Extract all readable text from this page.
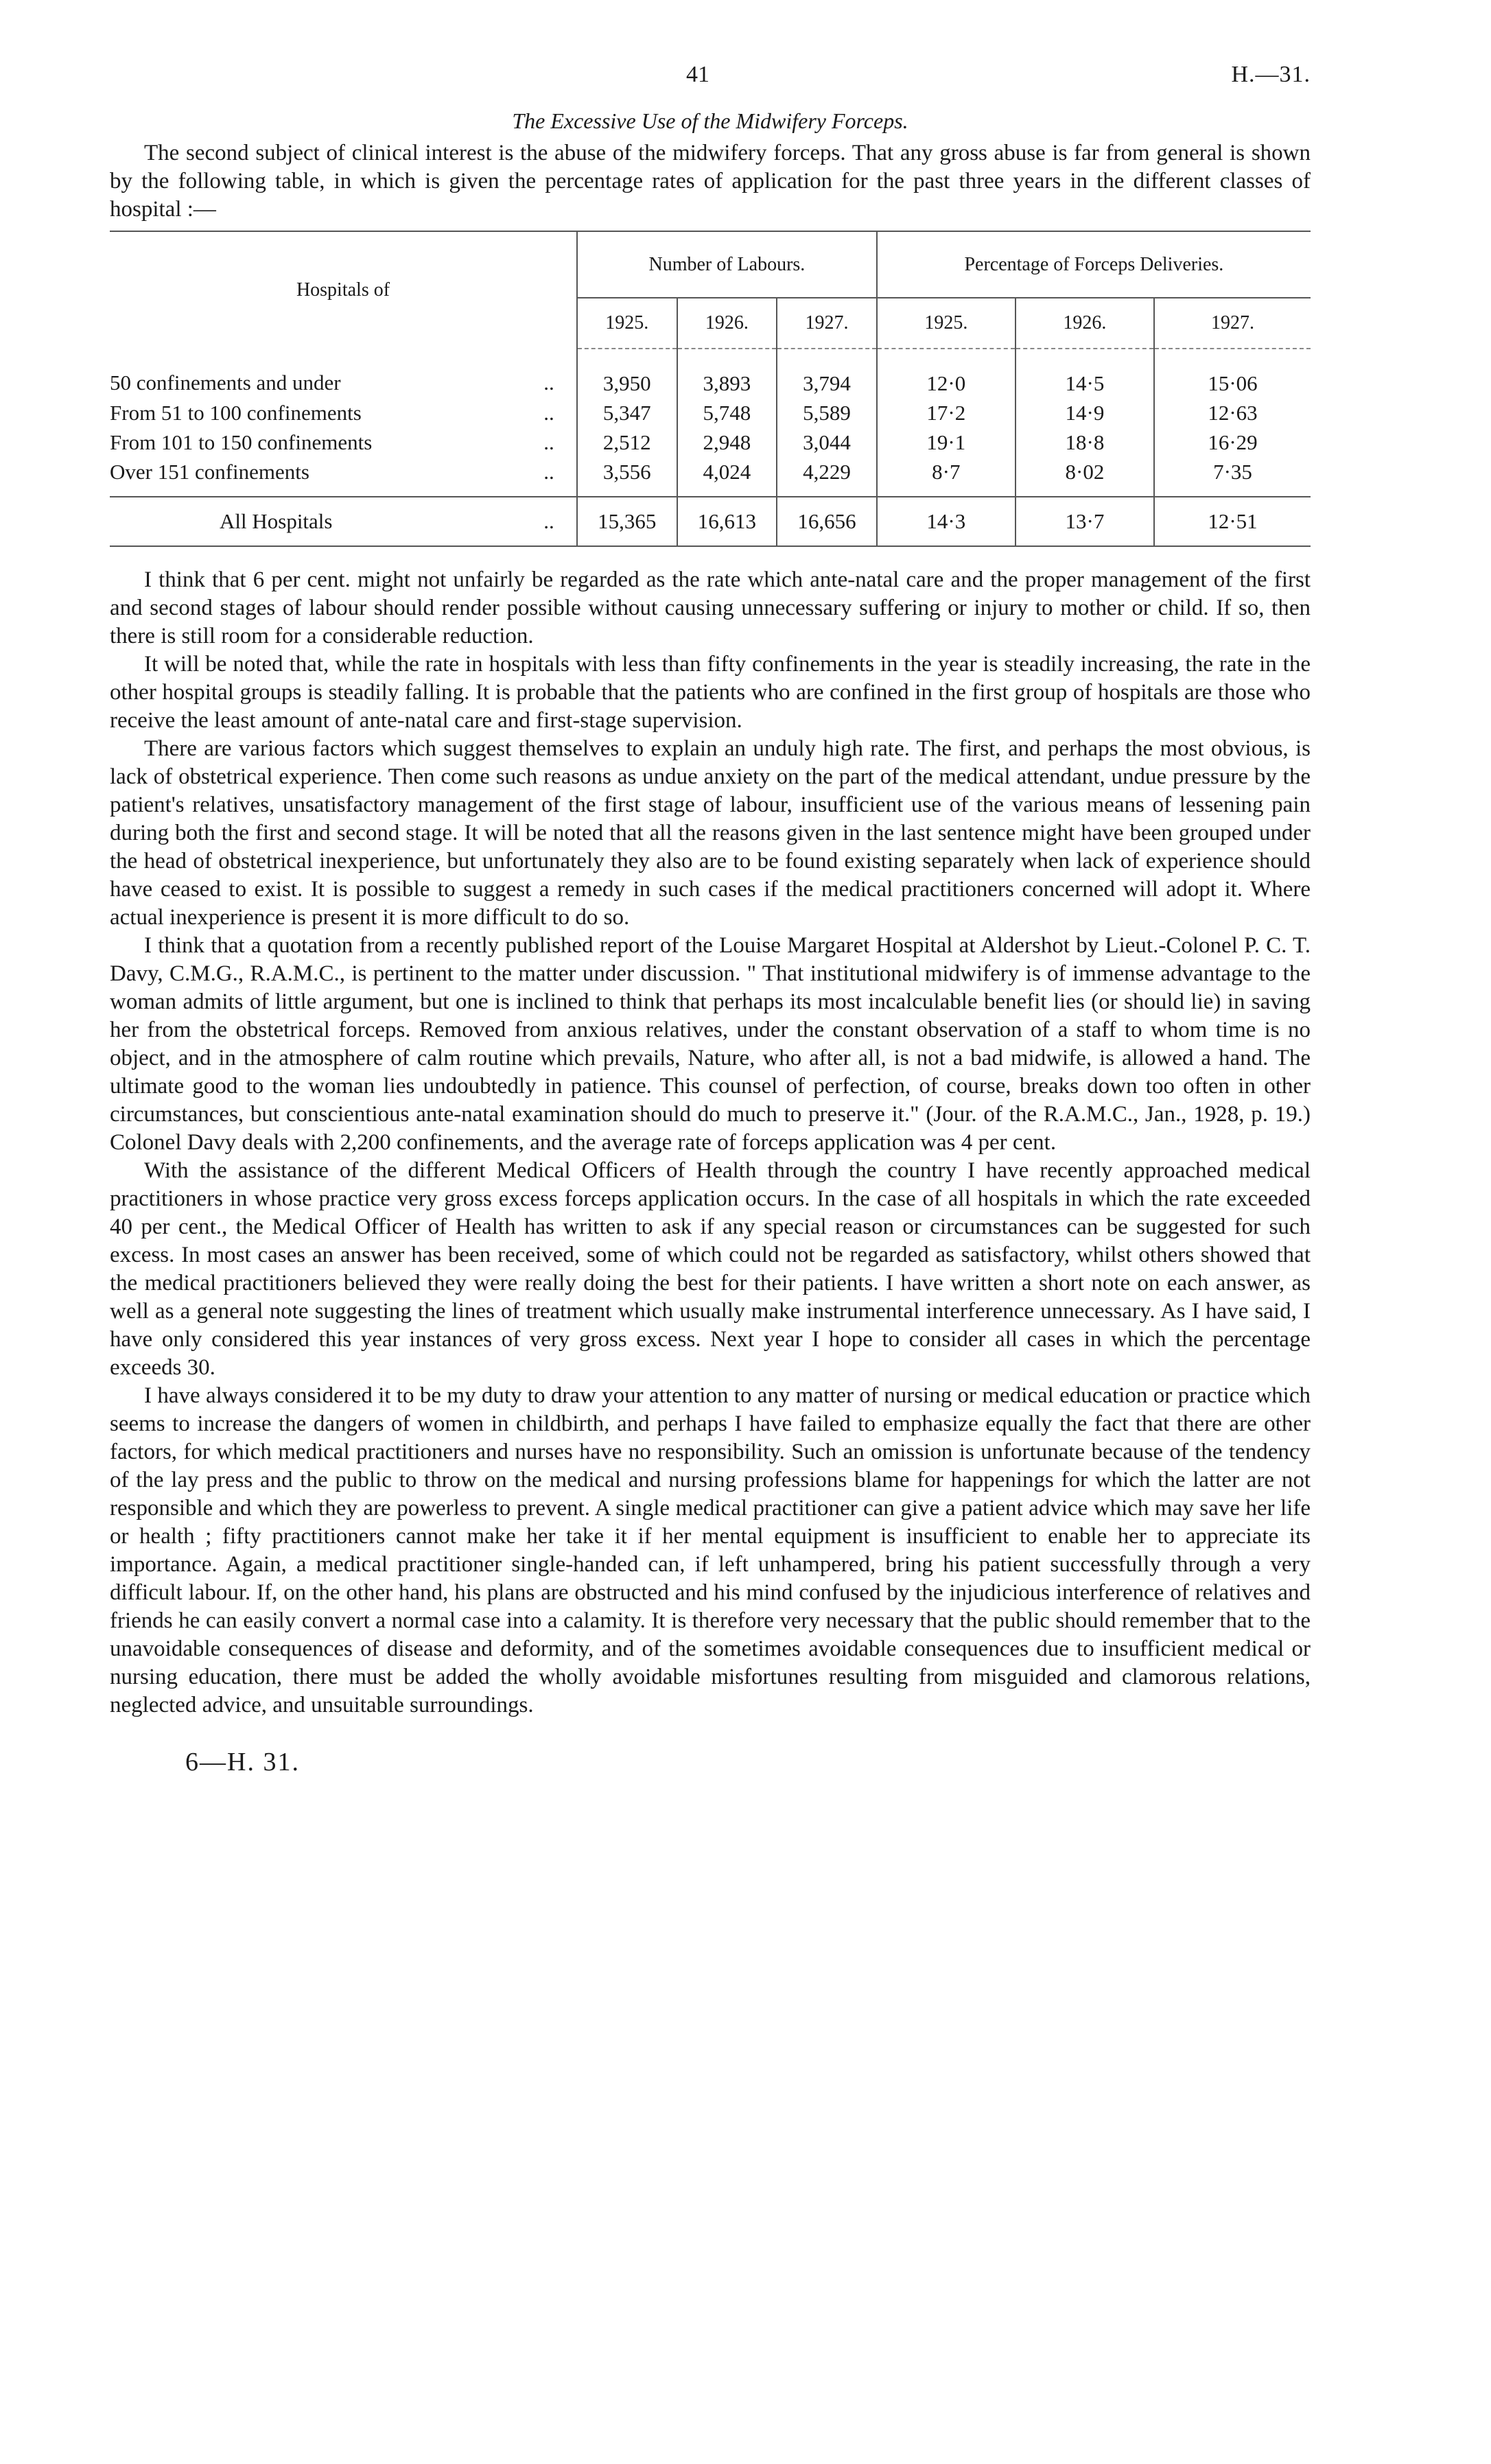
41	H.—31.
The Excessive Use of the Midwifery Forceps.

The second subject of clinical interest is the abuse of the midwifery forceps. That any gross abuse is far from general is shown by the following table, in which is given the percentage rates of application for the past three years in the different classes of hospital :—

Hospitals of	Number of Labours.			Percentage of Forceps Deliveries.		
	1925.	1926.	1927.	1925.	1926.	1927.
50 confinements and under ..	3,950	3,893	3,794	12·0	14·5	15·06
From 51 to 100 confinements ..	5,347	5,748	5,589	17·2	14·9	12·63
From 101 to 150 confinements ..	2,512	2,948	3,044	19·1	18·8	16·29
Over 151 confinements ..	3,556	4,024	4,229	8·7	8·02	7·35
All Hospitals ..	15,365	16,613	16,656	14·3	13·7	12·51

I think that 6 per cent. might not unfairly be regarded as the rate which ante-natal care and the proper management of the first and second stages of labour should render possible without causing unnecessary suffering or injury to mother or child. If so, then there is still room for a considerable reduction.

It will be noted that, while the rate in hospitals with less than fifty confinements in the year is steadily increasing, the rate in the other hospital groups is steadily falling. It is probable that the patients who are confined in the first group of hospitals are those who receive the least amount of ante-natal care and first-stage supervision.

There are various factors which suggest themselves to explain an unduly high rate. The first, and perhaps the most obvious, is lack of obstetrical experience. Then come such reasons as undue anxiety on the part of the medical attendant, undue pressure by the patient's relatives, unsatisfactory management of the first stage of labour, insufficient use of the various means of lessening pain during both the first and second stage. It will be noted that all the reasons given in the last sentence might have been grouped under the head of obstetrical inexperience, but unfortunately they also are to be found existing separately when lack of experience should have ceased to exist. It is possible to suggest a remedy in such cases if the medical practitioners concerned will adopt it. Where actual inexperience is present it is more difficult to do so.

I think that a quotation from a recently published report of the Louise Margaret Hospital at Aldershot by Lieut.-Colonel P. C. T. Davy, C.M.G., R.A.M.C., is pertinent to the matter under discussion. " That institutional midwifery is of immense advantage to the woman admits of little argument, but one is inclined to think that perhaps its most incalculable benefit lies (or should lie) in saving her from the obstetrical forceps. Removed from anxious relatives, under the constant observation of a staff to whom time is no object, and in the atmosphere of calm routine which prevails, Nature, who after all, is not a bad midwife, is allowed a hand. The ultimate good to the woman lies undoubtedly in patience. This counsel of perfection, of course, breaks down too often in other circumstances, but conscientious ante-natal examination should do much to preserve it." (Jour. of the R.A.M.C., Jan., 1928, p. 19.) Colonel Davy deals with 2,200 confinements, and the average rate of forceps application was 4 per cent.

With the assistance of the different Medical Officers of Health through the country I have recently approached medical practitioners in whose practice very gross excess forceps application occurs. In the case of all hospitals in which the rate exceeded 40 per cent., the Medical Officer of Health has written to ask if any special reason or circumstances can be suggested for such excess. In most cases an answer has been received, some of which could not be regarded as satisfactory, whilst others showed that the medical practitioners believed they were really doing the best for their patients. I have written a short note on each answer, as well as a general note suggesting the lines of treatment which usually make instrumental interference unnecessary. As I have said, I have only considered this year instances of very gross excess. Next year I hope to consider all cases in which the percentage exceeds 30.

I have always considered it to be my duty to draw your attention to any matter of nursing or medical education or practice which seems to increase the dangers of women in childbirth, and perhaps I have failed to emphasize equally the fact that there are other factors, for which medical practitioners and nurses have no responsibility. Such an omission is unfortunate because of the tendency of the lay press and the public to throw on the medical and nursing professions blame for happenings for which the latter are not responsible and which they are powerless to prevent. A single medical practitioner can give a patient advice which may save her life or health ; fifty practitioners cannot make her take it if her mental equipment is insufficient to enable her to appreciate its importance. Again, a medical practitioner single-handed can, if left unhampered, bring his patient successfully through a very difficult labour. If, on the other hand, his plans are obstructed and his mind confused by the injudicious interference of relatives and friends he can easily convert a normal case into a calamity. It is therefore very necessary that the public should remember that to the unavoidable consequences of disease and deformity, and of the sometimes avoidable consequences due to insufficient medical or nursing education, there must be added the wholly avoidable misfortunes resulting from misguided and clamorous relations, neglected advice, and unsuitable surroundings.

6—H. 31.
